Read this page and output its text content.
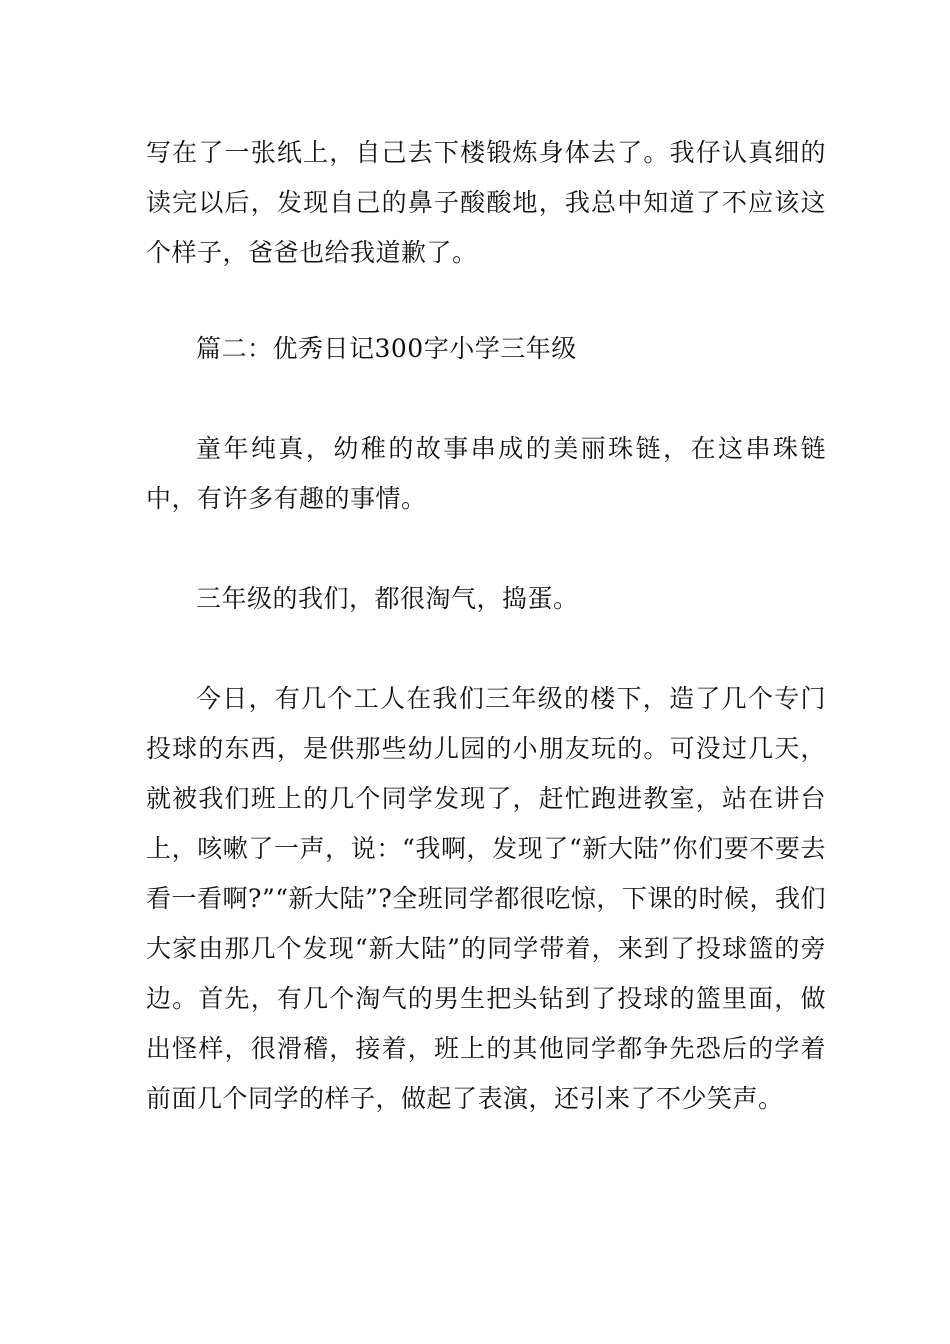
写在了一张纸上，自己去下楼锻炼身体去了。我仔认真细的读完以后，发现自己的鼻子酸酸地，我总中知道了不应该这个样子，爸爸也给我道歉了。

篇二：优秀日记300字小学三年级

童年纯真，幼稚的故事串成的美丽珠链，在这串珠链中，有许多有趣的事情。

三年级的我们，都很淘气，捣蛋。

今日，有几个工人在我们三年级的楼下，造了几个专门投球的东西，是供那些幼儿园的小朋友玩的。可没过几天，就被我们班上的几个同学发现了，赶忙跑进教室，站在讲台上，咳嗽了一声，说：“我啊，发现了“新大陆”你们要不要去看一看啊?”“新大陆”?全班同学都很吃惊，下课的时候，我们大家由那几个发现“新大陆”的同学带着，来到了投球篮的旁边。首先，有几个淘气的男生把头钻到了投球的篮里面，做出怪样，很滑稽，接着，班上的其他同学都争先恐后的学着前面几个同学的样子，做起了表演，还引来了不少笑声。
